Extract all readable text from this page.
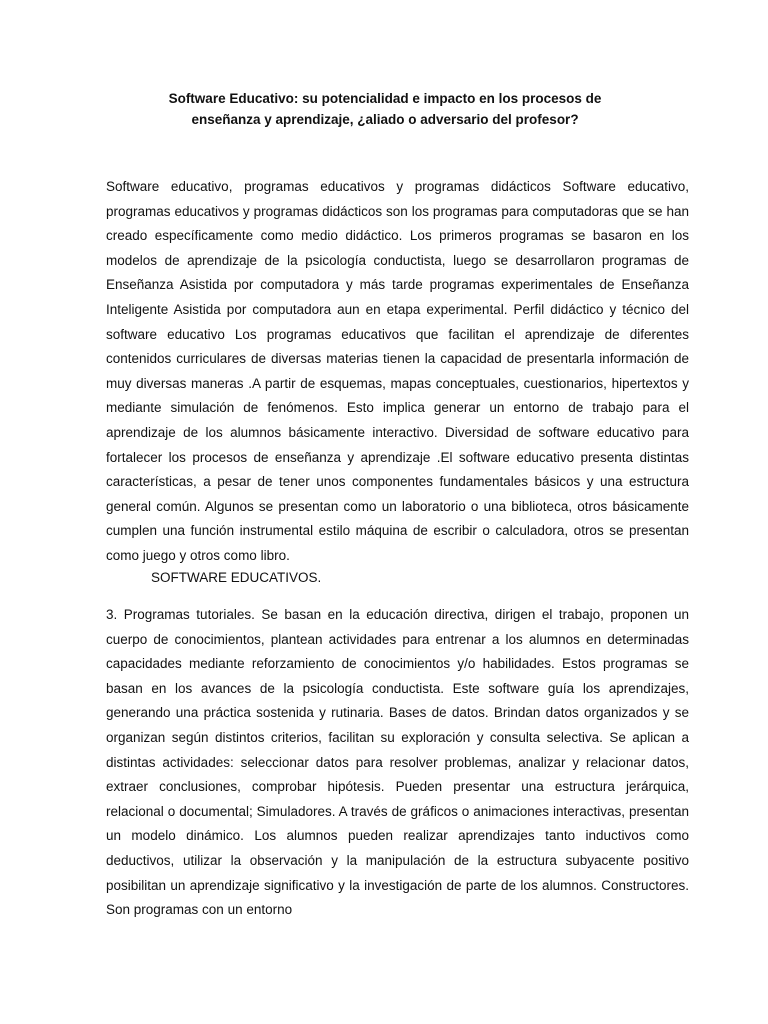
Software Educativo: su potencialidad e impacto en los procesos de enseñanza y aprendizaje, ¿aliado o adversario del profesor?

Software educativo, programas educativos y programas didácticos Software educativo, programas educativos y programas didácticos son los programas para computadoras que se han creado específicamente como medio didáctico. Los primeros programas se basaron en los modelos de aprendizaje de la psicología conductista, luego se desarrollaron programas de Enseñanza Asistida por computadora y más tarde programas experimentales de Enseñanza Inteligente Asistida por computadora aun en etapa experimental. Perfil didáctico y técnico del software educativo Los programas educativos que facilitan el aprendizaje de diferentes contenidos curriculares de diversas materias tienen la capacidad de presentarla información de muy diversas maneras .A partir de esquemas, mapas conceptuales, cuestionarios, hipertextos y mediante simulación de fenómenos. Esto implica generar un entorno de trabajo para el aprendizaje de los alumnos básicamente interactivo. Diversidad de software educativo para fortalecer los procesos de enseñanza y aprendizaje .El software educativo presenta distintas características, a pesar de tener unos componentes fundamentales básicos y una estructura general común. Algunos se presentan como un laboratorio o una biblioteca, otros básicamente cumplen una función instrumental estilo máquina de escribir o calculadora, otros se presentan como juego y otros como libro.

SOFTWARE EDUCATIVOS.

3. Programas tutoriales. Se basan en la educación directiva, dirigen el trabajo, proponen un cuerpo de conocimientos, plantean actividades para entrenar a los alumnos en determinadas capacidades mediante reforzamiento de conocimientos y/o habilidades. Estos programas se basan en los avances de la psicología conductista. Este software guía los aprendizajes, generando una práctica sostenida y rutinaria. Bases de datos. Brindan datos organizados y se organizan según distintos criterios, facilitan su exploración y consulta selectiva. Se aplican a distintas actividades: seleccionar datos para resolver problemas, analizar y relacionar datos, extraer conclusiones, comprobar hipótesis. Pueden presentar una estructura jerárquica, relacional o documental; Simuladores. A través de gráficos o animaciones interactivas, presentan un modelo dinámico. Los alumnos pueden realizar aprendizajes tanto inductivos como deductivos, utilizar la observación y la manipulación de la estructura subyacente positivo posibilitan un aprendizaje significativo y la investigación de parte de los alumnos. Constructores. Son programas con un entorno
